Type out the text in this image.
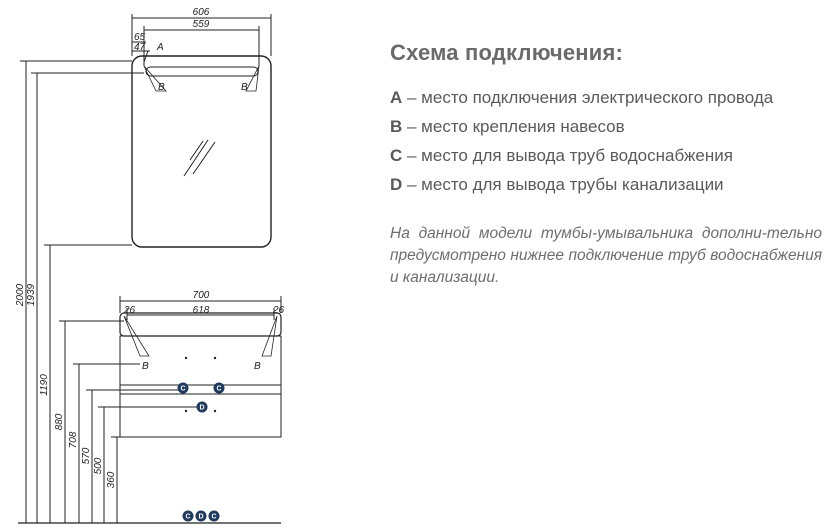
606
559
65
47 A
B	B
700
618
26	26
B	B
C	C
D
C D C
2000 1939
1190
880
708
570
500
360
Схема подключения:
A – место подключения электрического провода
B – место крепления навесов
C – место для вывода труб водоснабжения
D – место для вывода трубы канализации
На данной модели тумбы-умывальника дополни-тельно предусмотрено нижнее подключение труб водоснабжения и канализации.
